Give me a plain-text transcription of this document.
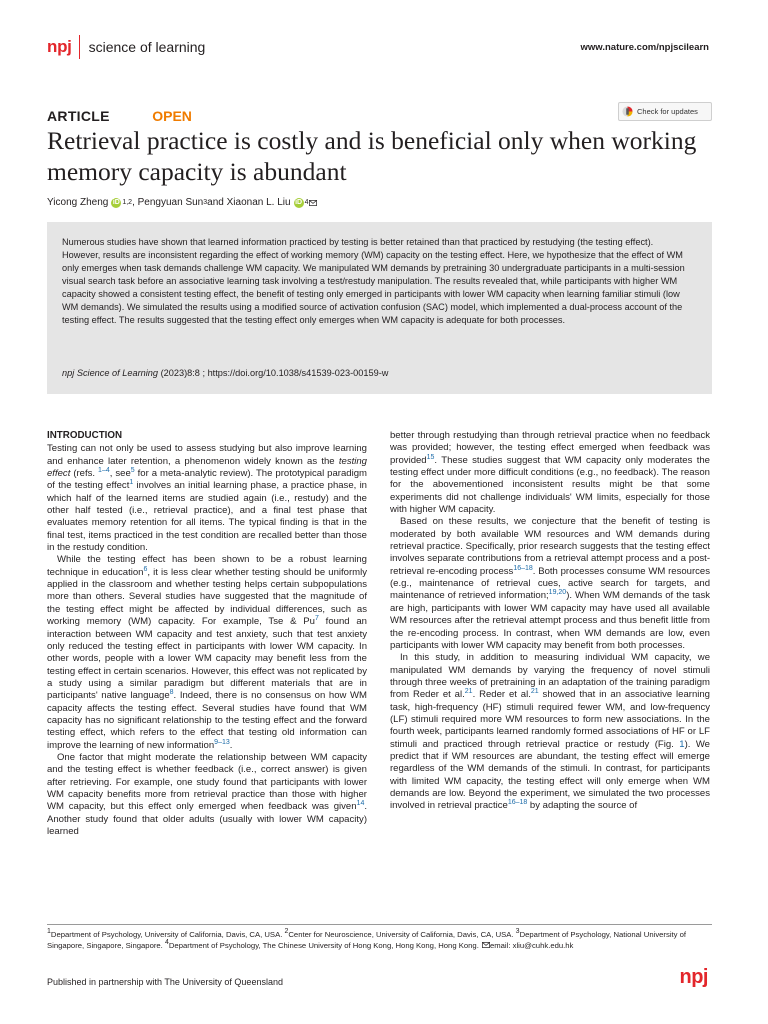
npj science of learning	www.nature.com/npjscilearn
ARTICLE	OPEN	Check for updates
Retrieval practice is costly and is beneficial only when working memory capacity is abundant
Yicong Zheng iD 1,2 , Pengyuan Sun 3 and Xiaonan L. Liu iD 4

Numerous studies have shown that learned information practiced by testing is better retained than that practiced by restudying (the testing effect). However, results are inconsistent regarding the effect of working memory (WM) capacity on the testing effect. Here, we hypothesize that the effect of WM only emerges when task demands challenge WM capacity. We manipulated WM demands by pretraining 30 undergraduate participants in a multi-session visual search task before an associative learning task involving a test/restudy manipulation. The results revealed that, while participants with higher WM capacity showed a consistent testing effect, the benefit of testing only emerged in participants with lower WM capacity when learning familiar stimuli (low WM demands). We simulated the results using a modified source of activation confusion (SAC) model, which implemented a dual-process account of the testing effect. The results suggested that the testing effect only emerges when WM capacity is adequate for both processes.

npj Science of Learning (2023)8:8 ; https://doi.org/10.1038/s41539-023-00159-w
INTRODUCTION

Testing can not only be used to assess studying but also improve learning and enhance later retention, a phenomenon widely known as the testing effect (refs. $^{1-4}$, see$^5$ for a meta-analytic review). The prototypical paradigm of the testing effect$^1$ involves an initial learning phase, a practice phase, in which half of the learned items are studied again (i.e., restudy) and the other half tested (i.e., retrieval practice), and a final test phase that evaluates memory retention for all items. The typical finding is that in the final test, items practiced in the test condition are recalled better than those in the restudy condition.

While the testing effect has been shown to be a robust learning technique in education$^6$, it is less clear whether testing should be uniformly applied in the classroom and whether testing helps certain subpopulations more than others. Several studies have suggested that the magnitude of the testing effect might be affected by individual differences, such as working memory (WM) capacity. For example, Tse & Pu$^7$ found an interaction between WM capacity and test anxiety, such that test anxiety only reduced the testing effect in participants with lower WM capacity. In other words, people with a lower WM capacity may benefit less from the testing effect in certain scenarios. However, this effect was not replicated by a study using a similar paradigm but different materials that are in participants' native language$^8$. Indeed, there is no consensus on how WM capacity affects the testing effect. Several studies have found that WM capacity has no significant relationship to the testing effect and the forward testing effect, which refers to the effect that testing old information can improve the learning of new information$^{9-13}$.

One factor that might moderate the relationship between WM capacity and the testing effect is whether feedback (i.e., correct answer) is given after retrieving. For example, one study found that participants with lower WM capacity benefits more from retrieval practice than those with higher WM capacity, but this effect only emerged when feedback was given$^{14}$. Another study found that older adults (usually with lower WM capacity) learned

better through restudying than through retrieval practice when no feedback was provided; however, the testing effect emerged when feedback was provided$^{15}$. These studies suggest that WM capacity only moderates the testing effect under more difficult conditions (e.g., no feedback). The reason for the abovementioned inconsistent results might be that some experiments did not challenge individuals' WM limits, especially for those with higher WM capacity.

Based on these results, we conjecture that the benefit of testing is moderated by both available WM resources and WM demands during retrieval practice. Specifically, prior research suggests that the testing effect involves separate contributions from a retrieval attempt process and a post-retrieval re-encoding process$^{16-18}$. Both processes consume WM resources (e.g., maintenance of retrieval cues, active search for targets, and maintenance of retrieved information;$^{19,20}$). When WM demands of the task are high, participants with lower WM capacity may have used all available WM resources after the retrieval attempt process and thus benefit little from the re-encoding process. In contrast, when WM demands are low, even participants with lower WM capacity may benefit from both processes.

In this study, in addition to measuring individual WM capacity, we manipulated WM demands by varying the frequency of novel stimuli through three weeks of pretraining in an adaptation of the training paradigm from Reder et al.$^{21}$. Reder et al.$^{21}$ showed that in an associative learning task, high-frequency (HF) stimuli required fewer WM, and low-frequency (LF) stimuli required more WM resources to form new associations. In the fourth week, participants learned randomly formed associations of HF or LF stimuli and practiced through retrieval practice or restudy (Fig. 1). We predict that if WM resources are abundant, the testing effect will emerge regardless of the WM demands of the stimuli. In contrast, for participants with limited WM capacity, the testing effect will only emerge when WM demands are low. Beyond the experiment, we simulated the two processes involved in retrieval practice$^{16-18}$ by adapting the source of

$^1$Department of Psychology, University of California, Davis, CA, USA. $^2$Center for Neuroscience, University of California, Davis, CA, USA. $^3$Department of Psychology, National University of Singapore, Singapore, Singapore. $^4$Department of Psychology, The Chinese University of Hong Kong, Hong Kong, Hong Kong. email: xliu@cuhk.edu.hk
Published in partnership with The University of Queensland	npj
